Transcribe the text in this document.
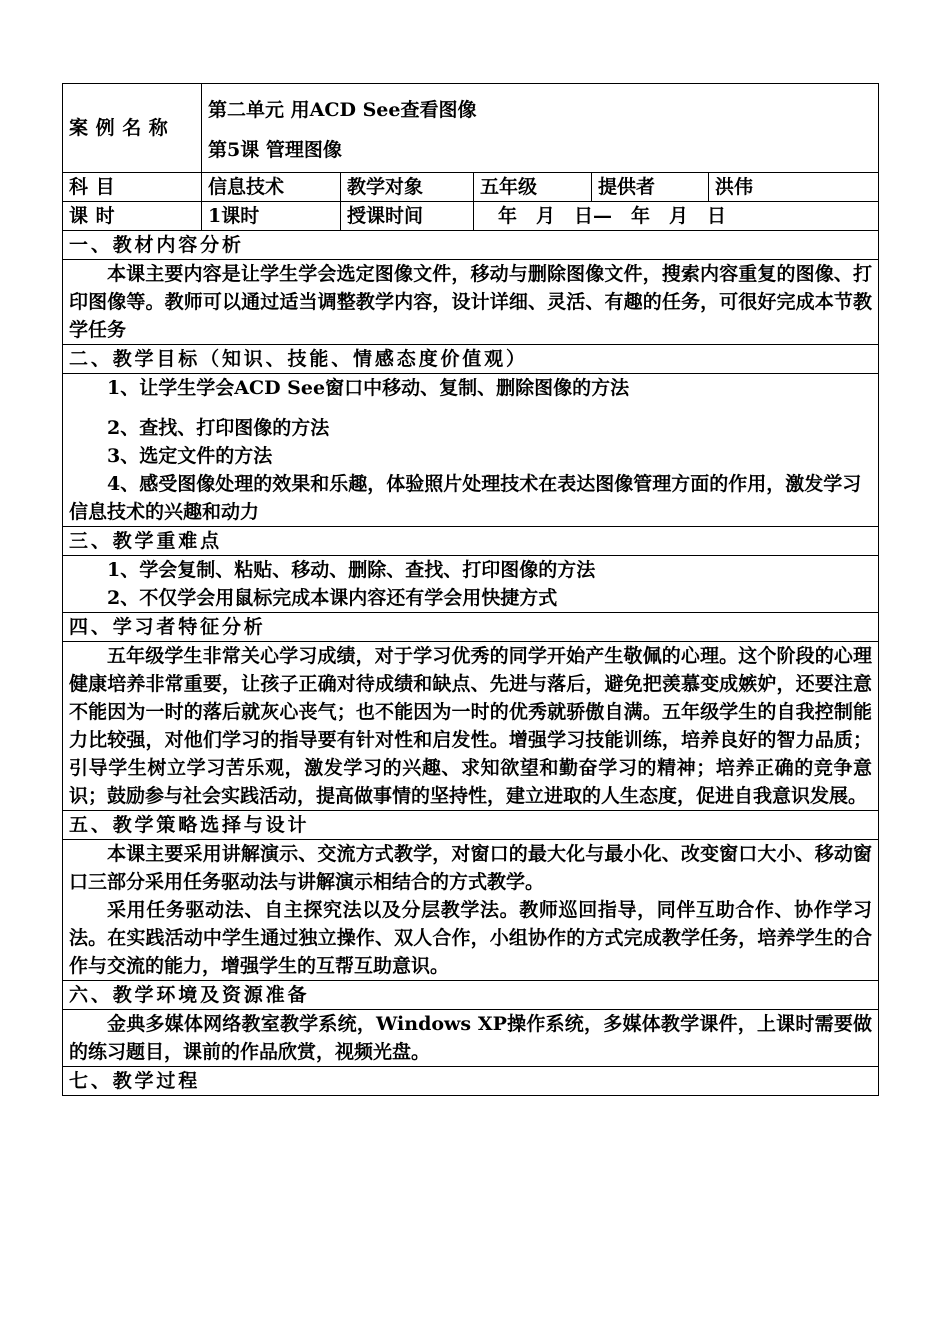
案例名称	第二单元 用ACD See查看图像

第5课 管理图像				

科目	信息技术	教学对象	五年级	提供者	洪伟
课时	1课时	授课时间	年　月　日—　年　月　日		
一、教材内容分析					

本课主要内容是让学生学会选定图像文件，移动与删除图像文件，搜索内容重复的图像、打印图像等。教师可以通过适当调整教学内容，设计详细、灵活、有趣的任务，可很好完成本节教学任务					

二、教学目标（知识、技能、情感态度价值观）					

1、让学生学会ACD See窗口中移动、复制、删除图像的方法

2、查找、打印图像的方法

3、选定文件的方法

4、感受图像处理的效果和乐趣，体验照片处理技术在表达图像管理方面的作用，激发学习信息技术的兴趣和动力					

三、教学重难点					

1、学会复制、粘贴、移动、删除、查找、打印图像的方法

2、不仅学会用鼠标完成本课内容还有学会用快捷方式					

四、学习者特征分析					

五年级学生非常关心学习成绩，对于学习优秀的同学开始产生敬佩的心理。这个阶段的心理健康培养非常重要，让孩子正确对待成绩和缺点、先进与落后，避免把羡慕变成嫉妒，还要注意不能因为一时的落后就灰心丧气；也不能因为一时的优秀就骄傲自满。五年级学生的自我控制能力比较强，对他们学习的指导要有针对性和启发性。增强学习技能训练，培养良好的智力品质；引导学生树立学习苦乐观，激发学习的兴趣、求知欲望和勤奋学习的精神；培养正确的竞争意识；鼓励参与社会实践活动，提高做事情的坚持性，建立进取的人生态度，促进自我意识发展。					

五、教学策略选择与设计					

本课主要采用讲解演示、交流方式教学，对窗口的最大化与最小化、改变窗口大小、移动窗口三部分采用任务驱动法与讲解演示相结合的方式教学。

采用任务驱动法、自主探究法以及分层教学法。教师巡回指导，同伴互助合作、协作学习法。在实践活动中学生通过独立操作、双人合作，小组协作的方式完成教学任务，培养学生的合作与交流的能力，增强学生的互帮互助意识。					

六、教学环境及资源准备					

金典多媒体网络教室教学系统，Windows XP操作系统，多媒体教学课件，上课时需要做的练习题目，课前的作品欣赏，视频光盘。					

七、教学过程					
